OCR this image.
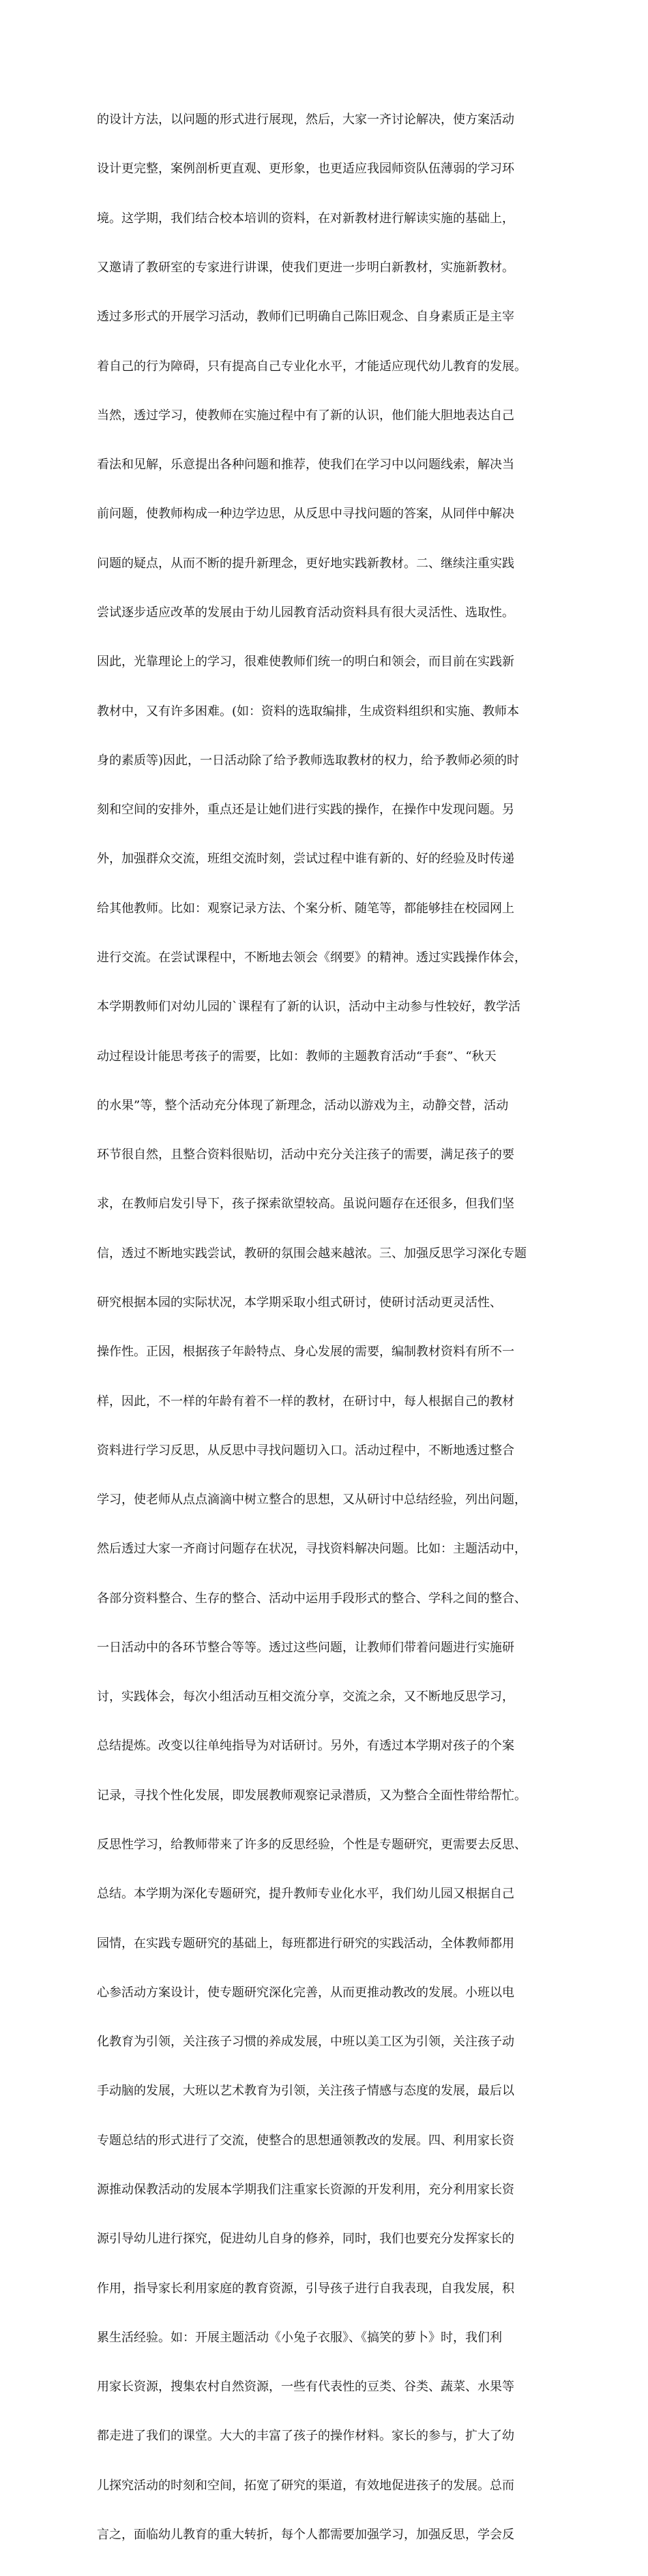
的设计方法，以问题的形式进行展现，然后，大家一齐讨论解决，使方案活动

设计更完整，案例剖析更直观、更形象，也更适应我园师资队伍薄弱的学习环

境。这学期，我们结合校本培训的资料，在对新教材进行解读实施的基础上，

又邀请了教研室的专家进行讲课，使我们更进一步明白新教材，实施新教材。

透过多形式的开展学习活动，教师们已明确自己陈旧观念、自身素质正是主宰

着自己的行为障碍，只有提高自己专业化水平，才能适应现代幼儿教育的发展。

当然，透过学习，使教师在实施过程中有了新的认识，他们能大胆地表达自己

看法和见解，乐意提出各种问题和推荐，使我们在学习中以问题线索，解决当

前问题，使教师构成一种边学边思，从反思中寻找问题的答案，从同伴中解决

问题的疑点，从而不断的提升新理念，更好地实践新教材。二、继续注重实践

尝试逐步适应改革的发展由于幼儿园教育活动资料具有很大灵活性、选取性。

因此，光靠理论上的学习，很难使教师们统一的明白和领会，而目前在实践新

教材中，又有许多困难。(如：资料的选取编排，生成资料组织和实施、教师本

身的素质等)因此，一日活动除了给予教师选取教材的权力，给予教师必须的时

刻和空间的安排外，重点还是让她们进行实践的操作，在操作中发现问题。另

外，加强群众交流，班组交流时刻，尝试过程中谁有新的、好的经验及时传递

给其他教师。比如：观察记录方法、个案分析、随笔等，都能够挂在校园网上

进行交流。在尝试课程中，不断地去领会《纲要》的精神。透过实践操作体会，

本学期教师们对幼儿园的`课程有了新的认识，活动中主动参与性较好，教学活

动过程设计能思考孩子的需要，比如：教师的主题教育活动“手套”、“秋天

的水果”等，整个活动充分体现了新理念，活动以游戏为主，动静交替，活动

环节很自然，且整合资料很贴切，活动中充分关注孩子的需要，满足孩子的要

求，在教师启发引导下，孩子探索欲望较高。虽说问题存在还很多，但我们坚

信，透过不断地实践尝试，教研的氛围会越来越浓。三、加强反思学习深化专题

研究根据本园的实际状况，本学期采取小组式研讨，使研讨活动更灵活性、

操作性。正因，根据孩子年龄特点、身心发展的需要，编制教材资料有所不一

样，因此，不一样的年龄有着不一样的教材，在研讨中，每人根据自己的教材

资料进行学习反思，从反思中寻找问题切入口。活动过程中，不断地透过整合

学习，使老师从点点滴滴中树立整合的思想，又从研讨中总结经验，列出问题，

然后透过大家一齐商讨问题存在状况，寻找资料解决问题。比如：主题活动中，

各部分资料整合、生存的整合、活动中运用手段形式的整合、学科之间的整合、

一日活动中的各环节整合等等。透过这些问题，让教师们带着问题进行实施研

讨，实践体会，每次小组活动互相交流分享，交流之余，又不断地反思学习，

总结提炼。改变以往单纯指导为对话研讨。另外，有透过本学期对孩子的个案

记录，寻找个性化发展，即发展教师观察记录潜质，又为整合全面性带给帮忙。

反思性学习，给教师带来了许多的反思经验，个性是专题研究，更需要去反思、

总结。本学期为深化专题研究，提升教师专业化水平，我们幼儿园又根据自己

园情，在实践专题研究的基础上，每班都进行研究的实践活动，全体教师都用

心参活动方案设计，使专题研究深化完善，从而更推动教改的发展。小班以电

化教育为引领，关注孩子习惯的养成发展，中班以美工区为引领，关注孩子动

手动脑的发展，大班以艺术教育为引领，关注孩子情感与态度的发展，最后以

专题总结的形式进行了交流，使整合的思想通领教改的发展。四、利用家长资

源推动保教活动的发展本学期我们注重家长资源的开发利用，充分利用家长资

源引导幼儿进行探究，促进幼儿自身的修养，同时，我们也要充分发挥家长的

作用，指导家长利用家庭的教育资源，引导孩子进行自我表现，自我发展，积

累生活经验。如：开展主题活动《小兔子衣服》、《搞笑的萝卜》时，我们利

用家长资源，搜集农村自然资源，一些有代表性的豆类、谷类、蔬菜、水果等

都走进了我们的课堂。大大的丰富了孩子的操作材料。家长的参与，扩大了幼

儿探究活动的时刻和空间，拓宽了研究的渠道，有效地促进孩子的发展。总而

言之，面临幼儿教育的重大转折，每个人都需要加强学习，加强反思，学会反
